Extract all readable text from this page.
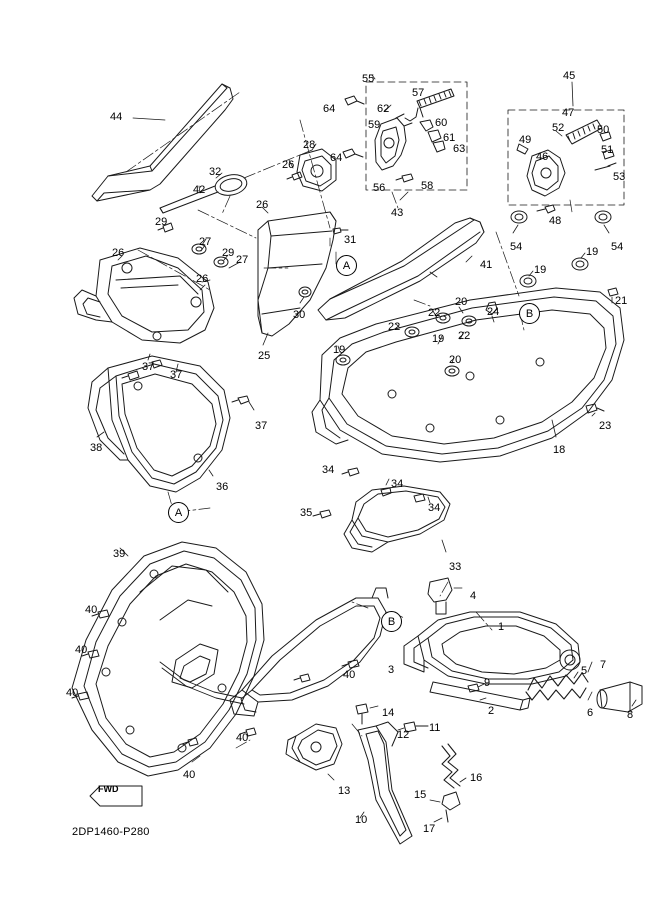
A
A
B
B
44
55	45
64	62
57
47
59	60	52	50
28
61
63
49
46
51
26
64
53
32
56	58
42
26
48
29
43
27
29
27
31
54	54
19
26
26
41	19
30
21
22
20
24
25
22
19 22
19
20
37
37
23
37
38
36
18
34
34
34
35
39
33
4
40
1
40
7
5
9
40	3
40
2	6	8
14
11
40	12
40
13
16
15
10
17
FWD
2DP1460-P280
